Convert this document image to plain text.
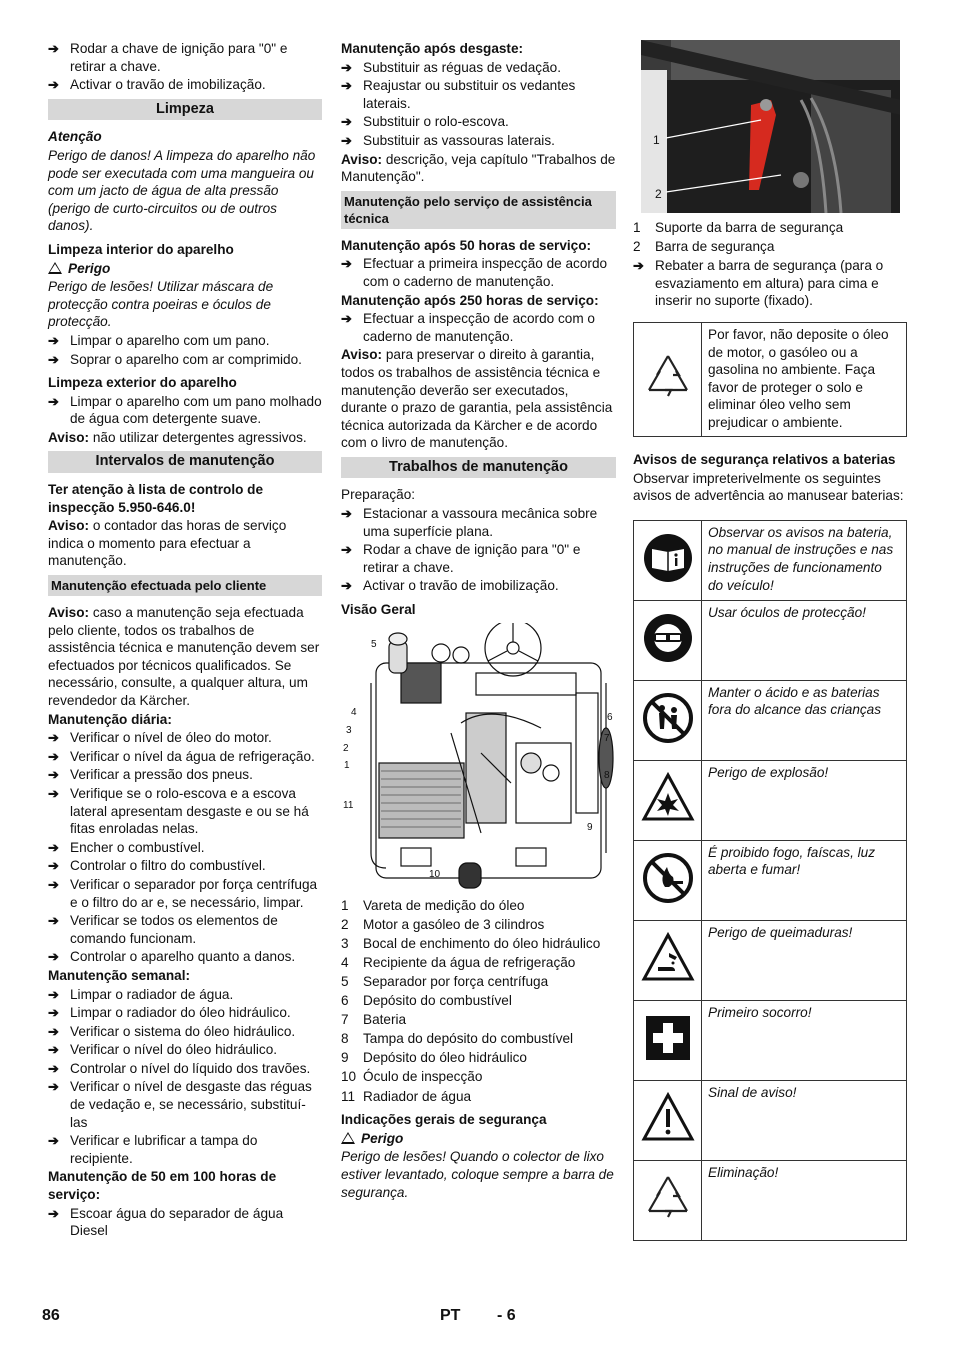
➔ Rodar a chave de ignição para "0" e retirar a chave.
➔ Activar o travão de imobilização.
Limpeza

Atenção

Perigo de danos! A limpeza do aparelho não pode ser executada com uma mangueira ou com um jacto de água de alta pressão (perigo de curto-circuitos ou de outros danos).

Limpeza interior do aparelho

Perigo

Perigo de lesões! Utilizar máscara de protecção contra poeiras e óculos de protecção.

➔ Limpar o aparelho com um pano.
➔ Soprar o aparelho com ar comprimido.

Limpeza exterior do aparelho

➔ Limpar o aparelho com um pano molhado de água com detergente suave.

Aviso: não utilizar detergentes agressivos.

Intervalos de manutenção

Ter atenção à lista de controlo de inspecção 5.950-646.0!

Aviso: o contador das horas de serviço indica o momento para efectuar a manutenção.

Manutenção efectuada pelo cliente

Aviso: caso a manutenção seja efectuada pelo cliente, todos os trabalhos de assistência técnica e manutenção devem ser efectuados por técnicos qualificados. Se necessário, consulte, a qualquer altura, um revendedor da Kärcher.

Manutenção diária:

➔ Verificar o nível de óleo do motor.
➔ Verificar o nível da água de refrigeração.
➔ Verificar a pressão dos pneus.
➔ Verifique se o rolo-escova e a escova lateral apresentam desgaste e ou se há fitas enroladas nelas.
➔ Encher o combustível.
➔ Controlar o filtro do combustível.
➔ Verificar o separador por força centrífuga e o filtro do ar e, se necessário, limpar.
➔ Verificar se todos os elementos de comando funcionam.
➔ Controlar o aparelho quanto a danos.

Manutenção semanal:

➔ Limpar o radiador de água.
➔ Limpar o radiador do óleo hidráulico.
➔ Verificar o sistema do óleo hidráulico.
➔ Verificar o nível do óleo hidráulico.
➔ Controlar o nível do líquido dos travões.
➔ Verificar o nível de desgaste das réguas de vedação e, se necessário, substituí-las
➔ Verificar e lubrificar a tampa do recipiente.

Manutenção de 50 em 100 horas de serviço:

➔ Escoar água do separador de água Diesel

Manutenção após desgaste:

➔ Substituir as réguas de vedação.
➔ Reajustar ou substituir os vedantes laterais.
➔ Substituir o rolo-escova.
➔ Substituir as vassouras laterais.

Aviso: descrição, veja capítulo "Trabalhos de Manutenção".

Manutenção pelo serviço de assistência técnica

Manutenção após 50 horas de serviço:

➔ Efectuar a primeira inspecção de acordo com o caderno de manutenção.

Manutenção após 250 horas de serviço:

➔ Efectuar a inspecção de acordo com o caderno de manutenção.

Aviso: para preservar o direito à garantia, todos os trabalhos de assistência técnica e manutenção deverão ser executados, durante o prazo de garantia, pela assistência técnica autorizada da Kärcher e de acordo com o livro de manutenção.

Trabalhos de manutenção

Preparação:

➔ Estacionar a vassoura mecânica sobre uma superfície plana.
➔ Rodar a chave de ignição para "0" e retirar a chave.
➔ Activar o travão de imobilização.

Visão Geral

5
4
3
2
1
11
6
7
8
9
10
1 Vareta de medição do óleo
2 Motor a gasóleo de 3 cilindros
3 Bocal de enchimento do óleo hidráulico
4 Recipiente da água de refrigeração
5 Separador por força centrífuga
6 Depósito do combustível
7 Bateria
8 Tampa do depósito do combustível
9 Depósito do óleo hidráulico
10 Óculo de inspecção
11 Radiador de água

Indicações gerais de segurança

Perigo

Perigo de lesões! Quando o colector de lixo estiver levantado, coloque sempre a barra de segurança.

1
2
1 Suporte da barra de segurança
2 Barra de segurança
➔ Rebater a barra de segurança (para o esvaziamento em altura) para cima e inserir no suporte (fixado).
	Por favor, não deposite o óleo de motor, o gasóleo ou a gasolina no ambiente. Faça favor de proteger o solo e eliminar óleo velho sem prejudicar o ambiente.

Avisos de segurança relativos a baterias

Observar impreterivelmente os seguintes avisos de advertência ao manusear baterias:

	Observar os avisos na bateria, no manual de instruções e nas instruções de funcionamento do veículo!
	Usar óculos de protecção!
	Manter o ácido e as baterias fora do alcance das crianças
	Perigo de explosão!
	É proibido fogo, faíscas, luz aberta e fumar!
	Perigo de queimaduras!
	Primeiro socorro!
	Sinal de aviso!
	Eliminação!
86	PT - 6
